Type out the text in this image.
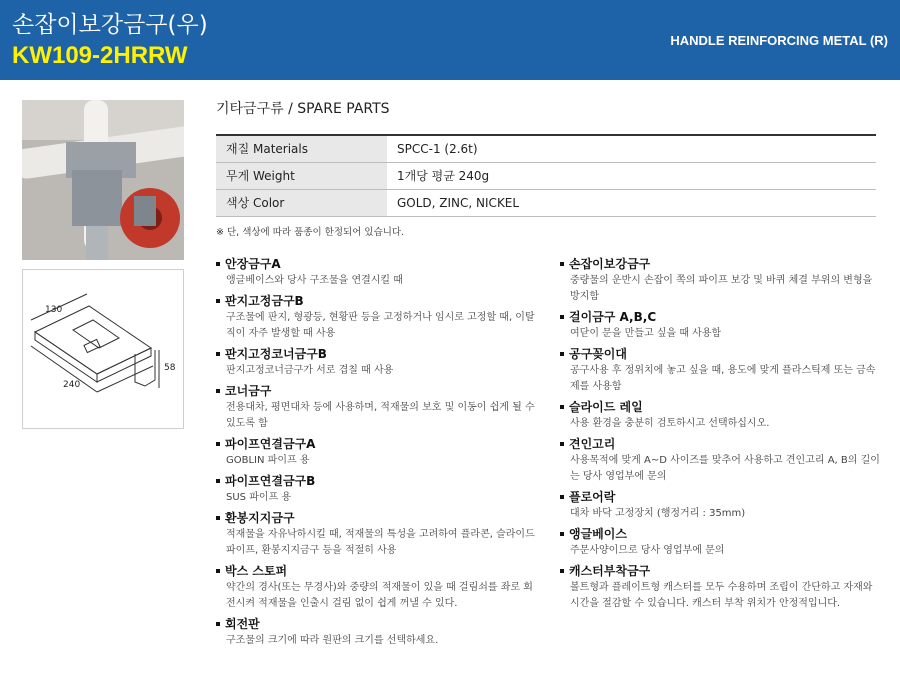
손잡이보강금구(우)
KW109-2HRRW
HANDLE REINFORCING METAL (R)
130
58
240
기타금구류 / SPARE PARTS
재질 Materials	SPCC-1 (2.6t)
무게 Weight	1개당 평균 240g
색상 Color	GOLD, ZINC, NICKEL
※ 단, 색상에 따라 품종이 한정되어 있습니다.
안장금구A
앵글베이스와 당사 구조물을 연결시킬 때
판지고정금구B
구조물에 판지, 형광등, 현황판 등을 고정하거나 임시로 고정할 때, 이탈직이 자주 발생할 때 사용
판지고정코너금구B
판지고정코너금구가 서로 겹칠 때 사용
코너금구
전용대차, 평면대차 등에 사용하며, 적재물의 보호 및 이동이 쉽게 될 수 있도록 함
파이프연결금구A
GOBLIN 파이프 용
파이프연결금구B
SUS 파이프 용
환봉지지금구
적재물을 자유낙하시킬 때, 적재물의 특성을 고려하여 플라콘, 슬라이드 파이프, 환봉지지금구 등을 적절히 사용
박스 스토퍼
약간의 경사(또는 무경사)와 중량의 적재물이 있을 때 걸림쇠를 좌로 회전시켜 적재물을 인출시 걸림 없이 쉽게 꺼낼 수 있다.
회전판
구조물의 크기에 따라 원판의 크기를 선택하세요.
손잡이보강금구
중량물의 운반시 손잡이 쪽의 파이프 보강 및 바퀴 체결 부위의 변형을 방지함
걸이금구 A,B,C
여닫이 문을 만들고 싶을 때 사용함
공구꽂이대
공구사용 후 정위치에 놓고 싶을 때, 용도에 맞게 플라스틱제 또는 금속제를 사용함
슬라이드 레일
사용 환경을 충분히 검토하시고 선택하십시오.
견인고리
사용목적에 맞게 A~D 사이즈를 맞추어 사용하고 견인고리 A, B의 길이는 당사 영업부에 문의
플로어락
대차 바닥 고정장치 (행정거리 : 35mm)
앵글베이스
주문사양이므로 당사 영업부에 문의
캐스터부착금구
볼트형과 플레이트형 캐스터를 모두 수용하며 조립이 간단하고 자재와 시간을 절감할 수 있습니다. 캐스터 부착 위치가 안정적입니다.
